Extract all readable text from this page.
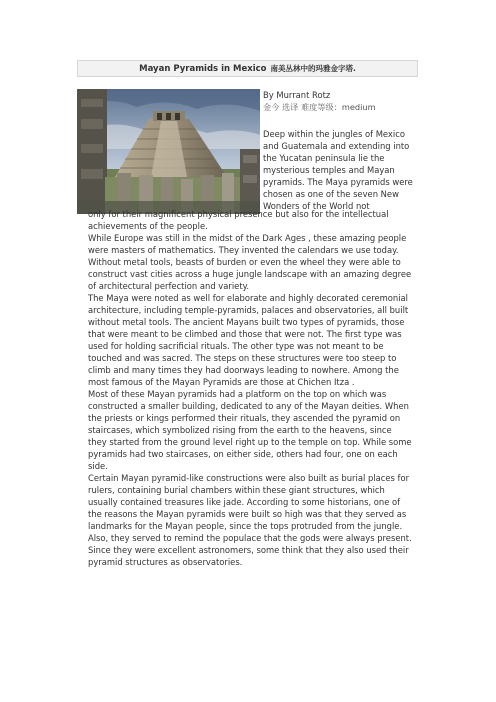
Mayan Pyramids in Mexico 南美丛林中的玛雅金字塔.
By Murrant Rotz
金今 选译 难度等级：medium
Deep within the jungles of Mexico and Guatemala and extending into the Yucatan peninsula lie the mysterious temples and Mayan pyramids. The Maya pyramids were chosen as one of the seven New Wonders of the World not

only for their magnificent physical presence but also for the intellectual achievements of the people.

While Europe was still in the midst of the Dark Ages , these amazing people were masters of mathematics. They invented the calendars we use today. Without metal tools, beasts of burden or even the wheel they were able to construct vast cities across a huge jungle landscape with an amazing degree of architectural perfection and variety.

The Maya were noted as well for elaborate and highly decorated ceremonial architecture, including temple-pyramids, palaces and observatories, all built without metal tools. The ancient Mayans built two types of pyramids, those that were meant to be climbed and those that were not. The first type was used for holding sacrificial rituals. The other type was not meant to be touched and was sacred. The steps on these structures were too steep to climb and many times they had doorways leading to nowhere. Among the most famous of the Mayan Pyramids are those at Chichen Itza .

Most of these Mayan pyramids had a platform on the top on which was constructed a smaller building, dedicated to any of the Mayan deities. When the priests or kings performed their rituals, they ascended the pyramid on staircases, which symbolized rising from the earth to the heavens, since they started from the ground level right up to the temple on top. While some pyramids had two staircases, on either side, others had four, one on each side.

Certain Mayan pyramid-like constructions were also built as burial places for rulers, containing burial chambers within these giant structures, which usually contained treasures like jade. According to some historians, one of the reasons the Mayan pyramids were built so high was that they served as landmarks for the Mayan people, since the tops protruded from the jungle. Also, they served to remind the populace that the gods were always present. Since they were excellent astronomers, some think that they also used their pyramid structures as observatories.
